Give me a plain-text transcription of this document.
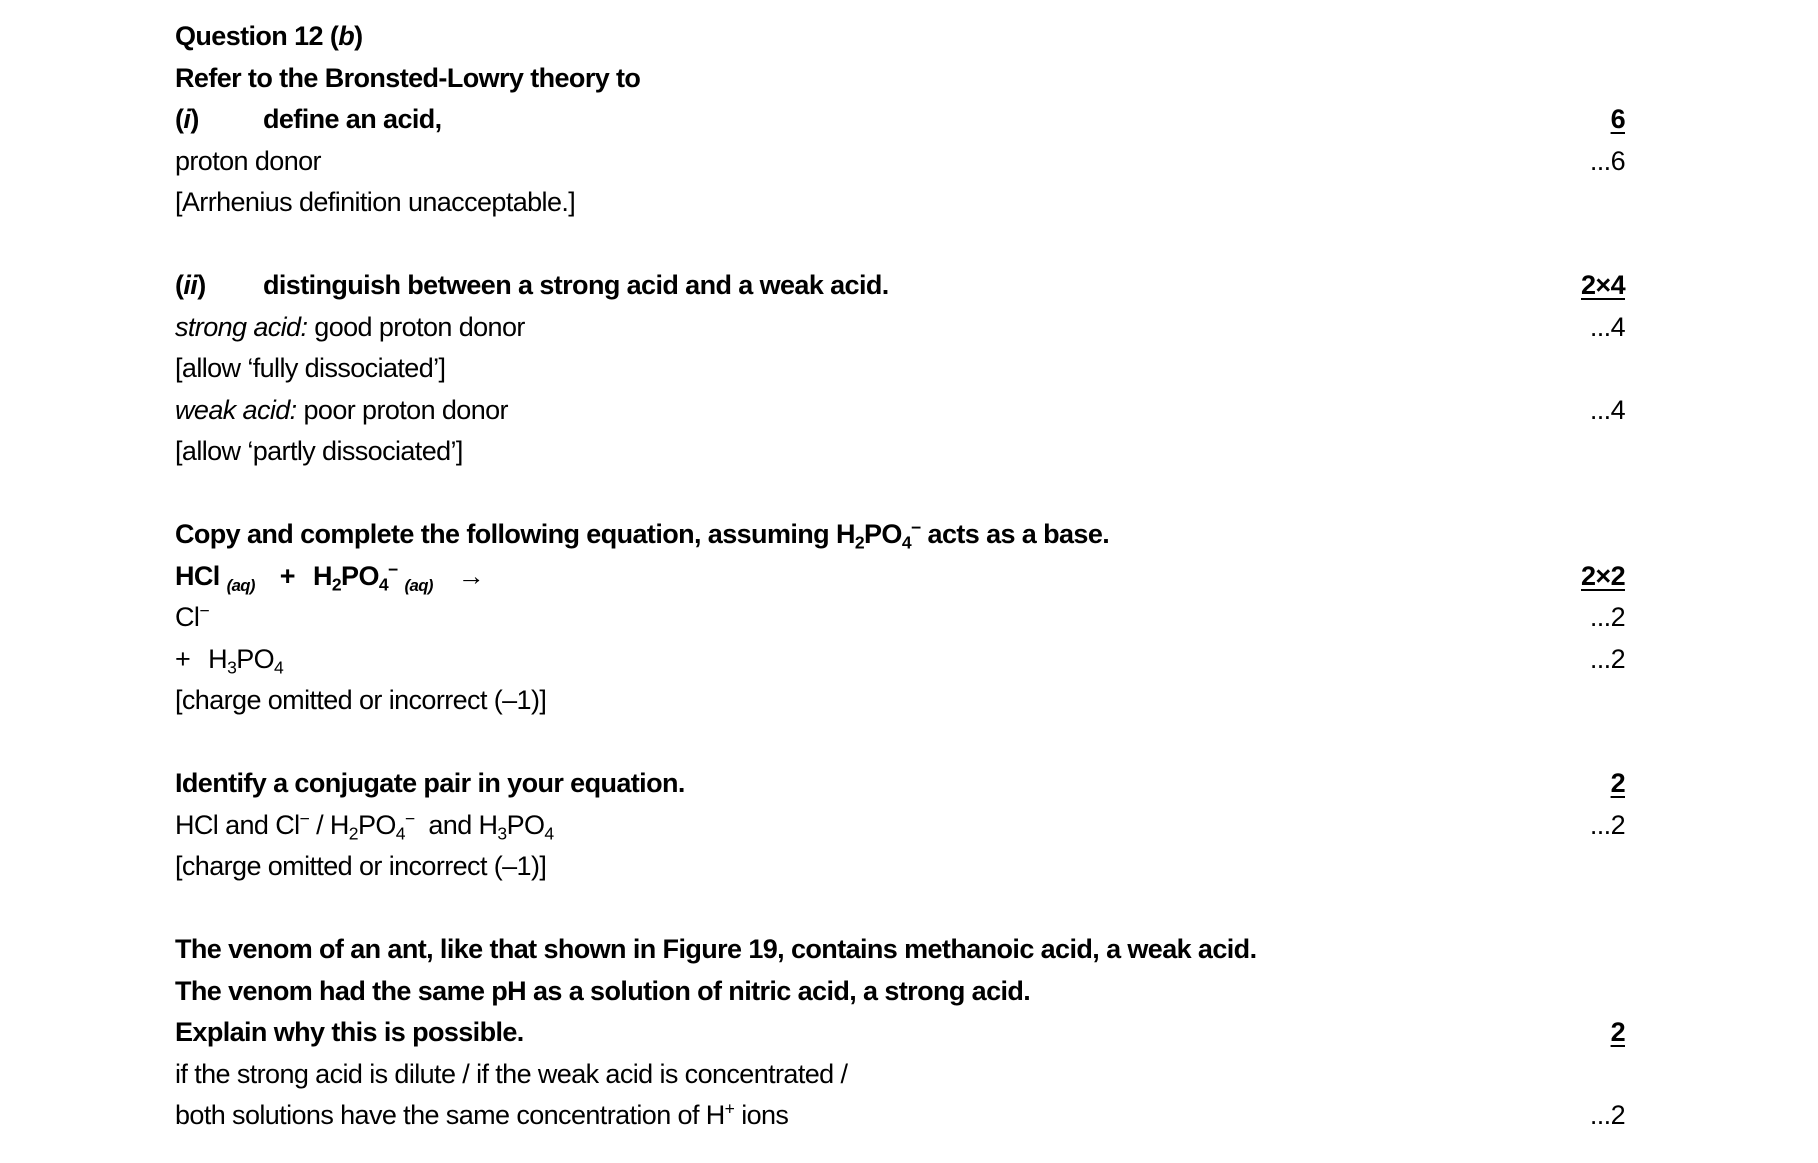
Question 12 (b)
Refer to the Bronsted-Lowry theory to
(i) define an acid,	6
proton donor	...6
[Arrhenius definition unacceptable.]
(ii) distinguish between a strong acid and a weak acid.	2×4
strong acid: good proton donor	...4
[allow ‘fully dissociated’]
weak acid: poor proton donor	...4
[allow ‘partly dissociated’]
Copy and complete the following equation, assuming $H_2PO_4^-$ acts as a base.
HCl $_{(aq)} + H_2PO_4^-$ $_{(aq)}$ →	2×2
Cl−	...2
+ $H_3PO_4$	...2
[charge omitted or incorrect (–1)]
Identify a conjugate pair in your equation.	2
HCl and $Cl^- / H_2PO_4^-$  and $H_3PO_4$	...2
[charge omitted or incorrect (–1)]
The venom of an ant, like that shown in Figure 19, contains methanoic acid, a weak acid.
The venom had the same pH as a solution of nitric acid, a strong acid.
Explain why this is possible.	2
if the strong acid is dilute / if the weak acid is concentrated /
both solutions have the same concentration of H+ ions	...2
